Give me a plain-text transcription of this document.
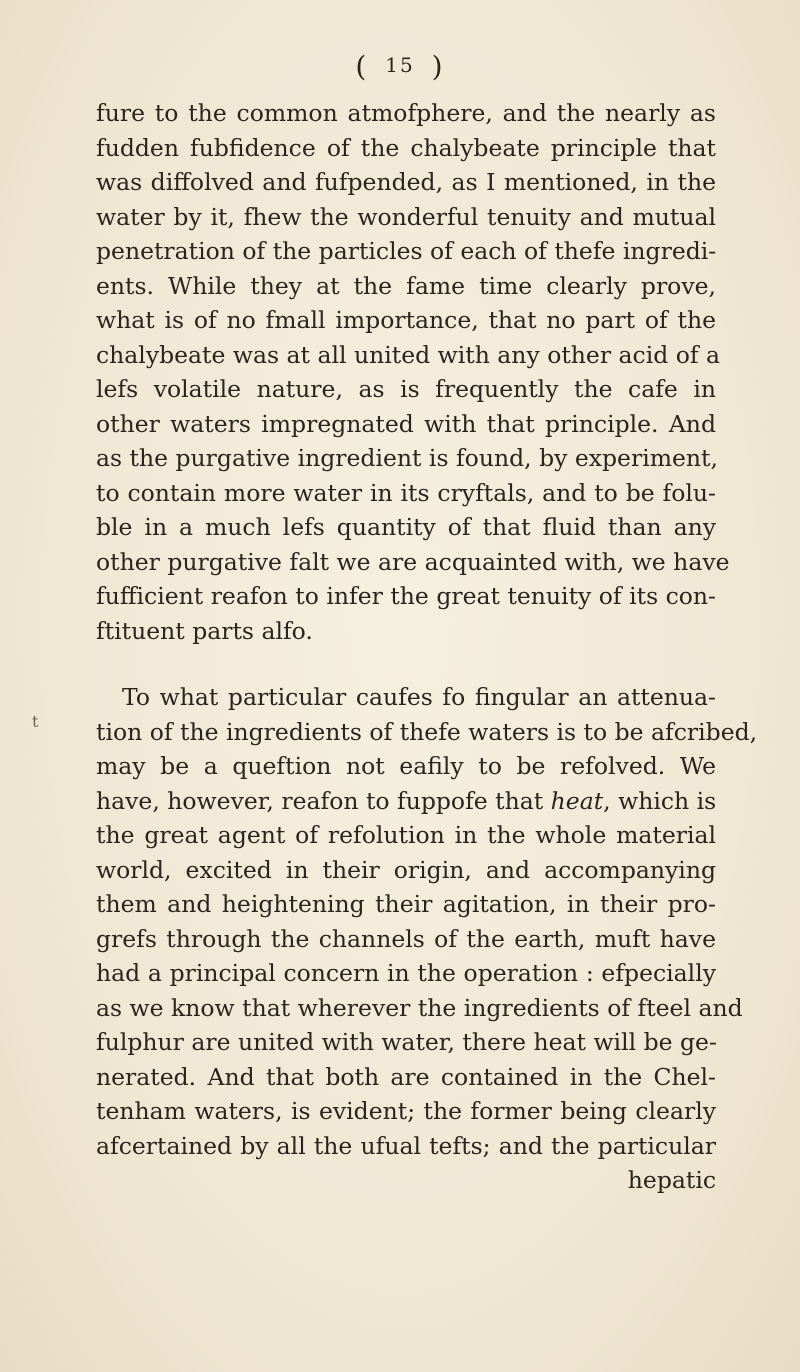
( 15 )
fure to the common atmofphere, and the nearly as
fudden fubfidence of the chalybeate principle that
was diffolved and fufpended, as I mentioned, in the
water by it, fhew the wonderful tenuity and mutual
penetration of the particles of each of thefe ingredi-
ents. While they at the fame time clearly prove,
what is of no fmall importance, that no part of the
chalybeate was at all united with any other acid of a
lefs volatile nature, as is frequently the cafe in
other waters impregnated with that principle. And
as the purgative ingredient is found, by experiment,
to contain more water in its cryftals, and to be folu-
ble in a much lefs quantity of that fluid than any
other purgative falt we are acquainted with, we have
fufficient reafon to infer the great tenuity of its con-
ftituent parts alfo.
To what particular caufes fo fingular an attenua-
tion of the ingredients of thefe waters is to be afcribed,
may be a queftion not eafily to be refolved. We
have, however, reafon to fuppofe that heat, which is
the great agent of refolution in the whole material
world, excited in their origin, and accompanying
them and heightening their agitation, in their pro-
grefs through the channels of the earth, muft have
had a principal concern in the operation : efpecially
as we know that wherever the ingredients of fteel and
fulphur are united with water, there heat will be ge-
nerated. And that both are contained in the Chel-
tenham waters, is evident; the former being clearly
afcertained by all the ufual tefts; and the particular
hepatic
t
